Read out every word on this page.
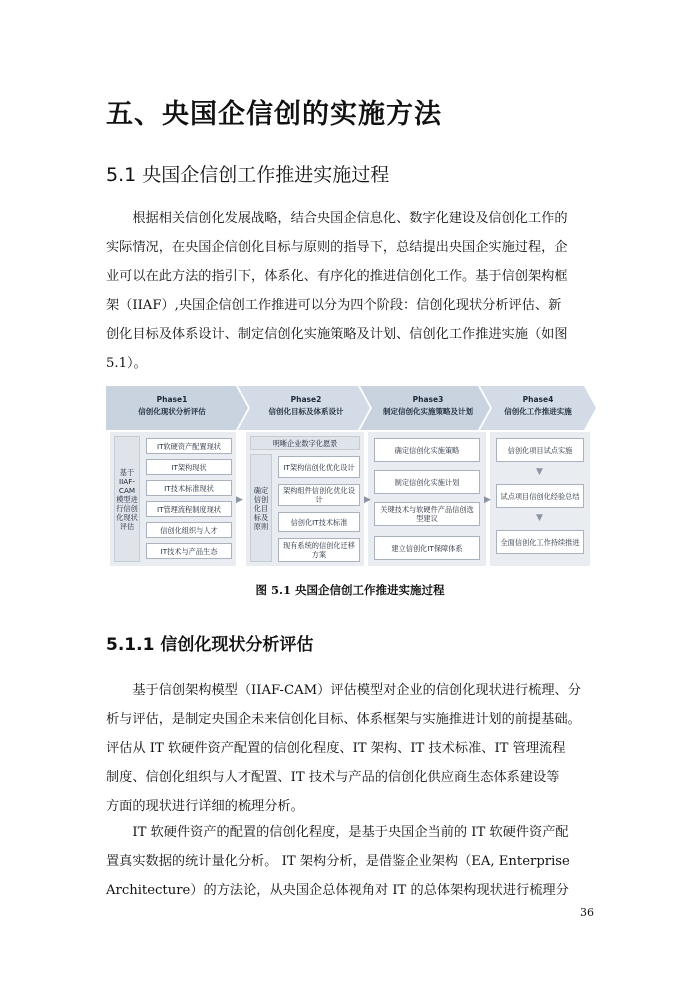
五、央国企信创的实施方法
5.1 央国企信创工作推进实施过程

　　根据相关信创化发展战略，结合央国企信息化、数字化建设及信创化工作的
实际情况，在央国企信创化目标与原则的指导下，总结提出央国企实施过程，企
业可以在此方法的指引下，体系化、有序化的推进信创化工作。基于信创架构框
架（IIAF）,央国企信创工作推进可以分为四个阶段：信创化现状分析评估、新
创化目标及体系设计、制定信创化实施策略及计划、信创化工作推进实施（如图
5.1）。

Phase1
信创化现状分析评估
Phase2
信创化目标及体系设计
Phase3
制定信创化实施策略及计划
Phase4
信创化工作推进实施
基于IIAF-CAM模型进行信创化现状评估
IT软硬资产配置现状
IT架构现状
IT技术标准现状
IT管理流程制度现状
信创化组织与人才
IT技术与产品生态
明晰企业数字化愿景
确定信创化目标及原则
IT架构信创化优化设计
架构组件信创化优化设计
信创化IT技术标准
现有系统的信创化迁移方案
确定信创化实施策略
制定信创化实施计划
关键技术与软硬件产品信创选型建议
建立信创化IT保障体系
信创化项目试点实施
试点项目信创化经验总结
全面信创化工作持续推进
▼
▼
▶	▶	▶
图 5.1 央国企信创工作推进实施过程
5.1.1 信创化现状分析评估

　　基于信创架构模型（IIAF-CAM）评估模型对企业的信创化现状进行梳理、分
析与评估，是制定央国企未来信创化目标、体系框架与实施推进计划的前提基础。
评估从 IT 软硬件资产配置的信创化程度、IT 架构、IT 技术标准、IT 管理流程
制度、信创化组织与人才配置、IT 技术与产品的信创化供应商生态体系建设等
方面的现状进行详细的梳理分析。

　　IT 软硬件资产的配置的信创化程度，是基于央国企当前的 IT 软硬件资产配
置真实数据的统计量化分析。 IT 架构分析，是借鉴企业架构（EA, Enterprise
Architecture）的方法论，从央国企总体视角对 IT 的总体架构现状进行梳理分

36
